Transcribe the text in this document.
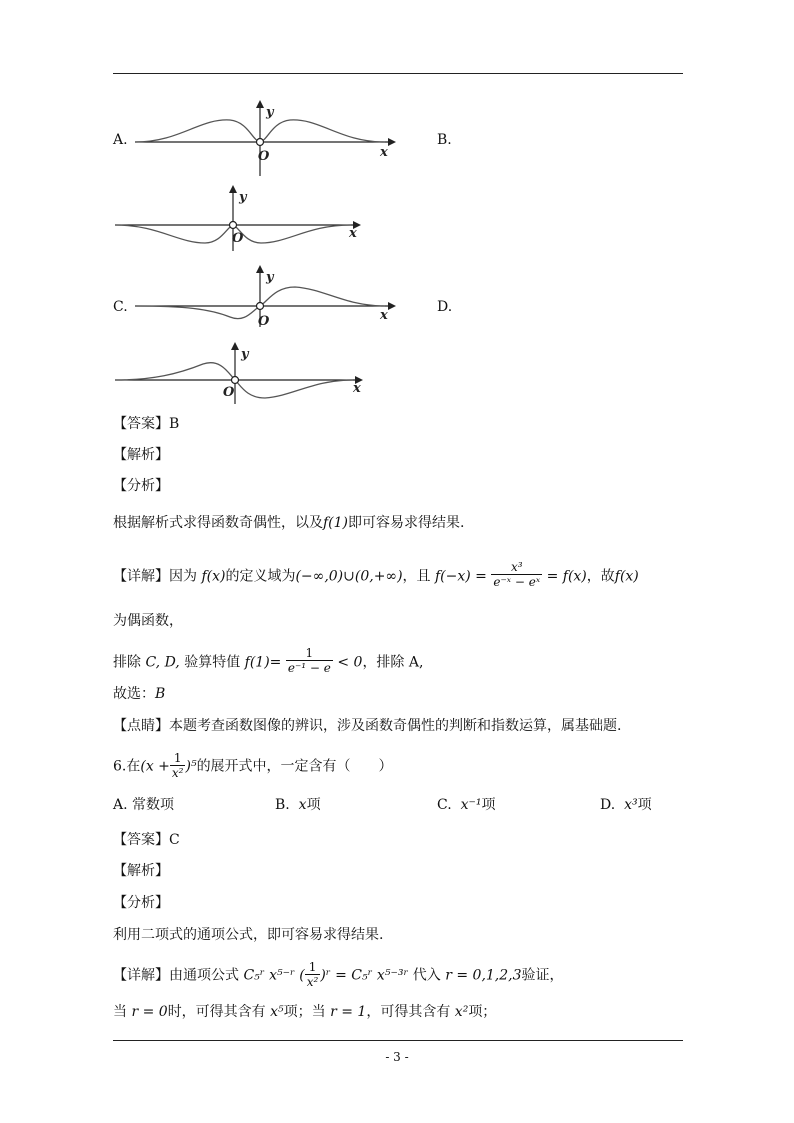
A.
y
O	x
B.
y
O	x
C.
y
O	x
D.
y
O	x
【答案】B
【解析】
【分析】
根据解析式求得函数奇偶性，以及f(1)即可容易求得结果.
【详解】因为 f(x)的定义域为(−∞,0)∪(0,+∞)，且 $f(-x) = \frac{\text{x³}}{\text{e⁻ˣ − eˣ}} = f(x)$，故f(x)
为偶函数，
排除 C, D, 验算特值 $f(1)= \frac{1}{\text{e⁻¹ − e}} < 0$，排除 A,
故选：B
【点睛】本题考查函数图像的辨识，涉及函数奇偶性的判断和指数运算，属基础题.
6.在$(x + \frac{1}{\text{x²}} )^5$的展开式中，一定含有（　　）
A. 常数项	B. x项	C. x⁻¹项	D. x³项
【答案】C
【解析】
【分析】
利用二项式的通项公式，即可容易求得结果.
【详解】由通项公式 C₅ʳ x⁵⁻ʳ ( $\frac{1}{\text{x²}}$ )ʳ = C₅ʳ x⁵⁻³ʳ 代入 r = 0,1,2,3验证，
当 r = 0时，可得其含有 x⁵项；当 r = 1，可得其含有 x²项；
- 3 -
